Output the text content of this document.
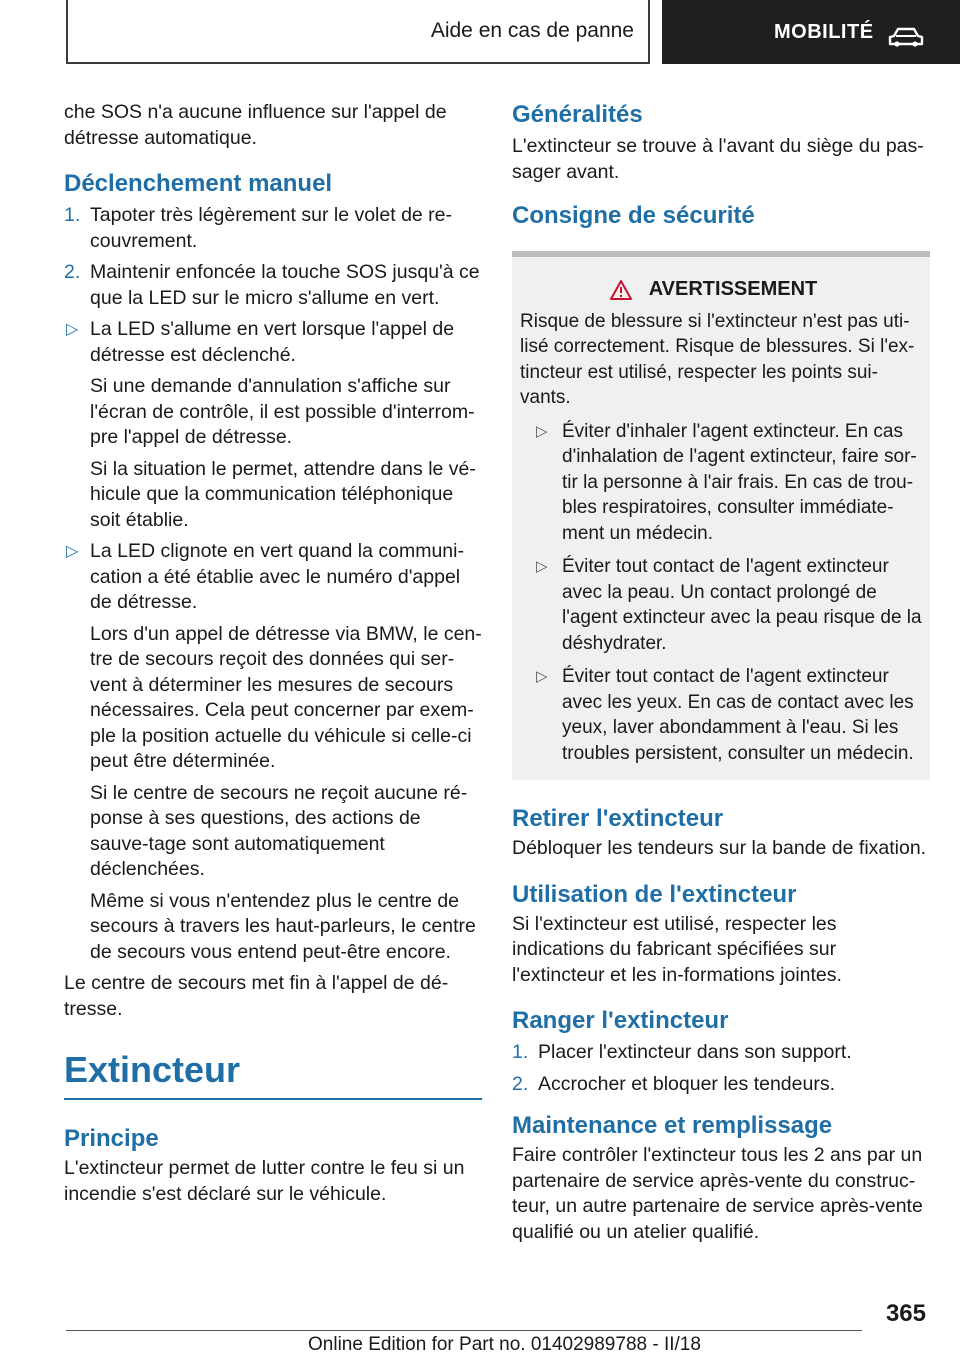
Aide en cas de panne	MOBILITÉ

che SOS n'a aucune influence sur l'appel de détresse automatique.

Déclenchement manuel
1. Tapoter très légèrement sur le volet de re‐couvrement.
2. Maintenir enfoncée la touche SOS jusqu'à ce que la LED sur le micro s'allume en vert.
▷ La LED s'allume en vert lorsque l'appel de détresse est déclenché.

Si une demande d'annulation s'affiche sur l'écran de contrôle, il est possible d'interrom‐pre l'appel de détresse.

Si la situation le permet, attendre dans le vé‐hicule que la communication téléphonique soit établie.

▷ La LED clignote en vert quand la communi‐cation a été établie avec le numéro d'appel de détresse.

Lors d'un appel de détresse via BMW, le cen‐tre de secours reçoit des données qui ser‐vent à déterminer les mesures de secours nécessaires. Cela peut concerner par exem‐ple la position actuelle du véhicule si celle-ci peut être déterminée.

Si le centre de secours ne reçoit aucune ré‐ponse à ses questions, des actions de sauve‐tage sont automatiquement déclenchées.

Même si vous n'entendez plus le centre de secours à travers les haut-parleurs, le centre de secours vous entend peut-être encore.

Le centre de secours met fin à l'appel de dé‐tresse.

Extincteur
Principe

L'extincteur permet de lutter contre le feu si un incendie s'est déclaré sur le véhicule.

Généralités

L'extincteur se trouve à l'avant du siège du pas‐sager avant.

Consigne de sécurité
AVERTISSEMENT

Risque de blessure si l'extincteur n'est pas uti‐lisé correctement. Risque de blessures. Si l'ex‐tincteur est utilisé, respecter les points sui‐vants.

▷ Éviter d'inhaler l'agent extincteur. En cas d'inhalation de l'agent extincteur, faire sor‐tir la personne à l'air frais. En cas de trou‐bles respiratoires, consulter immédiate‐ment un médecin.
▷ Éviter tout contact de l'agent extincteur avec la peau. Un contact prolongé de l'agent extincteur avec la peau risque de la déshydrater.
▷ Éviter tout contact de l'agent extincteur avec les yeux. En cas de contact avec les yeux, laver abondamment à l'eau. Si les troubles persistent, consulter un médecin.
Retirer l'extincteur

Débloquer les tendeurs sur la bande de fixation.

Utilisation de l'extincteur

Si l'extincteur est utilisé, respecter les indications du fabricant spécifiées sur l'extincteur et les in‐formations jointes.

Ranger l'extincteur
1. Placer l'extincteur dans son support.
2. Accrocher et bloquer les tendeurs.
Maintenance et remplissage

Faire contrôler l'extincteur tous les 2 ans par un partenaire de service après-vente du construc‐teur, un autre partenaire de service après-vente qualifié ou un atelier qualifié.

365
Online Edition for Part no. 01402989788 - II/18
